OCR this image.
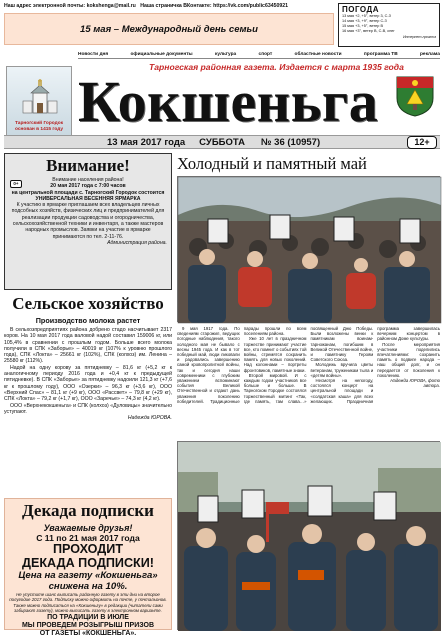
Наш адрес электронной почты: kokshenga@mail.ru Наша страничка ВКонтакте: https://vk.com/public63450921
15 мая – Международный день семьи
ПОГОДА
13 мая +2, +5°, ветер 3, С-З
14 мая +3, +9°, ветер С-З
15 мая +3, +5°, ветер В
16 мая +3°, ветер В, С-В, снег
Интернет-прогноз
Новости дня	официальные документы	культура	спорт	областные новости	программа ТВ	реклама
Тарногский Городок основан в 1415 году
Тарногская районная газета. Издается с марта 1935 года
Кокшеньга
13 мая 2017 года СУББОТА № 36 (10957)	12+
Внимание!
0+
Внимание населения района!
20 мая 2017 года с 7:00 часов
на центральной площади с. Тарногский Городок состоится
УНИВЕРСАЛЬНАЯ ВЕСЕННЯЯ ЯРМАРКА
К участию в ярмарке приглашаем всех владельцев личных подсобных хозяйств, физических лиц и предпринимателей для реализации продукции садоводства и огородничества, сельскохозяйственной техники и инвентаря, а также мастеров народных промыслов. Заявки на участие в ярмарке принимаются по тел. 2-11-76.
Администрация района.
Сельское хозяйство
Производство молока растет
В сельхозпредприятиях района добрено стадо насчитывает 2317 коров. На 10 мая 2017 года валовой надой составил 159006 кг, или 105,4% в сравнении с прошлым годом. Больше всего молока получили в СПК «Заборье» – 40019 кг (107% к уровню прошлого года), СПК «Локта» – 25661 кг (102%), СПК (колхоз) им. Ленина – 25580 кг (112%).
Надой на одну корову за пятидневку – 81,6 кг (+5,2 кг к аналогичному периоду 2016 года и +0,4 кг к предыдущей пятидневке). В СПК «Заборье» за пятидневку надоили 121,3 кг (+7,6 кг к прошлому году), ООО «Озерки» – 96,3 кг (+3,6 кг), ООО «Верхний Спас» – 81,1 кг (+9 кг), ООО «Рассвет» – 79,8 кг (+29 кг), СПК «Локта» – 79,2 кг (+1,7 кг), ООО «Заречье» – 74,3 кг (4,2 кг).
ООО «Верхнекокшеньга» и СПК (колхоз) «Дуловицы» значительно уступают.
Надежда ЮРОВА.
Декада подписки
Уважаемые друзья!
С 11 по 21 мая 2017 года
ПРОХОДИТ
ДЕКАДА ПОДПИСКИ!
Цена на газету «Кокшеньга»
снижена на 10%.
Не упустите шанс выписать районную газету в эти дни на второе полугодие 2017 года. Подписку можно оформить на почте, у почтальонов. Также можно подписаться на «Кокшеньгу» в редакции (читатели сами забирают газету), можно выписать газету в электронном варианте.
ПО ТРАДИЦИИ В ИЮЛЕ
МЫ ПРОВЕДЕМ РОЗЫГРЫШ ПРИЗОВ
ОТ ГАЗЕТЫ «КОКШЕНЬГА».
Холодный и памятный май
9 мая 1917 года. По сведениям старожил, ведущих погодные наблюдения, такого холодного мая не бывало с весны 1945 года. И как в тот победный май, люди ликовали и радовались завершению самой кровопролитной войны, так и сегодня наши современники с глубоким уважением вспоминают события Великой Отечественной и отдают дань уважения поколению победителей. Традиционные парады прошли по всем поселениям района.
Уже 10 лет в праздничном торжестве принимают участие все, кто помнит о событиях той войны, стремятся сохранить память для новых поколений. Над колоннами – портреты фронтовиков, памятные знаки.
Второй мировой. И с каждым годом участников все больше и больше. В Тарногском Городке состоялся торжественный митинг «Так, где память, там слава…» посвященный Дню Победы. Были возложены венки к памятникам воинам-тарножанам, погибшим в Великой Отечественной войне, и памятнику Героям Советского Союза.
Молодежь вручила цветы ветеранам, труженикам тыла и «детям войны».
Несмотря на непогоду, состоялся концерт на центральной площади и «солдатская каша» для всех желающих. Праздничная программа завершилась вечерним концертом в районном Доме культуры.
После мероприятия участники поделились впечатлениями: сохранить память о подвиге народа – наш общий долг, и он передается от поколения к поколению.
Надежда ЮРОВА, фото автора.
